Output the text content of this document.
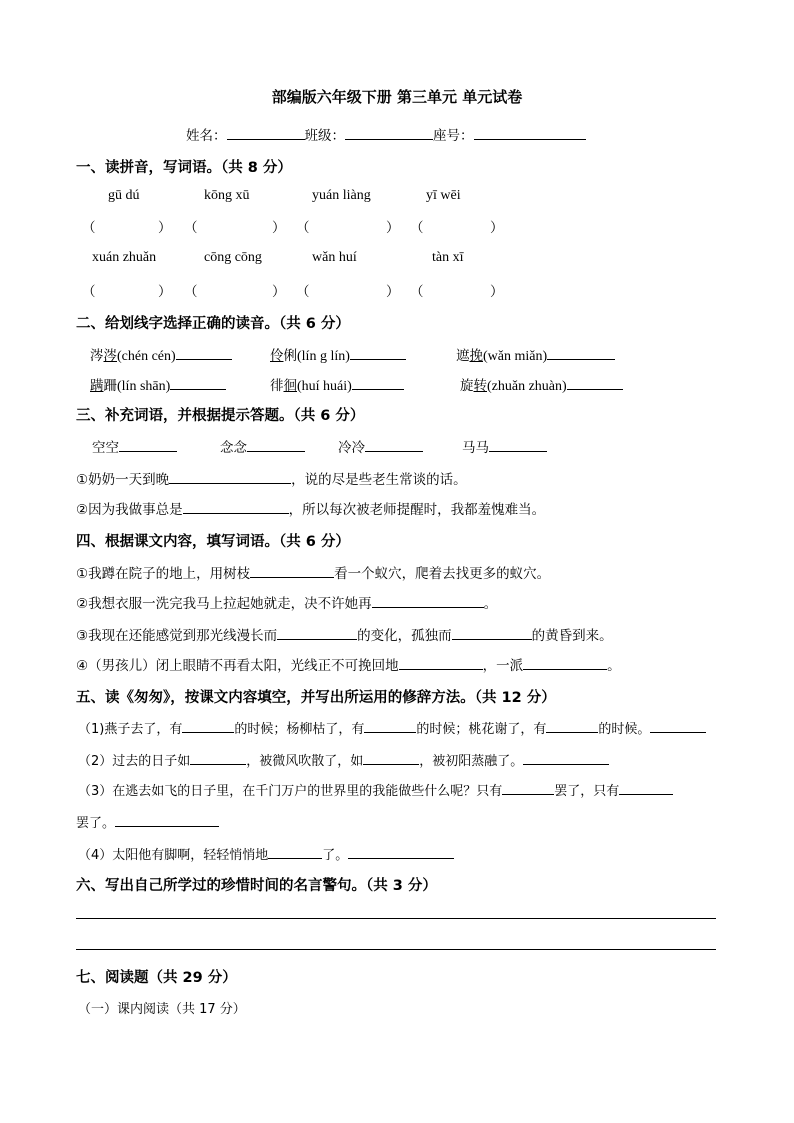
部编版六年级下册 第三单元 单元试卷
姓名：	班级：	座号：
一、读拼音，写词语。（共 8 分）
gū dú	kōng xū	yuán liàng	yī wēi
（	） （	） （	） （	）
xuán zhuǎn	cōng cōng	wǎn huí	tàn xī
（	） （	） （	） （	）
二、给划线字选择正确的读音。（共 6 分）
涔涔(chén cén)	伶俐(lín g lín)	遮挽(wǎn miǎn)
蹒跚(lín shān)	徘徊(huí huái)	旋转(zhuǎn zhuàn)
三、补充词语，并根据提示答题。（共 6 分）
空空	念念	冷冷	马马
①奶奶一天到晚	，说的尽是些老生常谈的话。
②因为我做事总是	，所以每次被老师提醒时，我都羞愧难当。
四、根据课文内容，填写词语。（共 6 分）
①我蹲在院子的地上，用树枝	看一个蚁穴，爬着去找更多的蚁穴。
②我想衣服一洗完我马上拉起她就走，决不许她再	。
③我现在还能感觉到那光线漫长而	的变化，孤独而	的黄昏到来。
④（男孩儿）闭上眼睛不再看太阳，光线正不可挽回地	，一派	。
五、读《匆匆》，按课文内容填空，并写出所运用的修辞方法。（共 12 分）
（1)燕子去了，有	的时候；杨柳枯了，有	的时候；桃花谢了，有	的时候。
（2）过去的日子如	，被微风吹散了，如	，被初阳蒸融了。
（3）在逃去如飞的日子里，在千门万户的世界里的我能做些什么呢？只有	罢了，只有
罢了。
（4）太阳他有脚啊，轻轻悄悄地	了。
六、写出自己所学过的珍惜时间的名言警句。（共 3 分）
七、阅读题（共 29 分）
（一）课内阅读（共 17 分）
